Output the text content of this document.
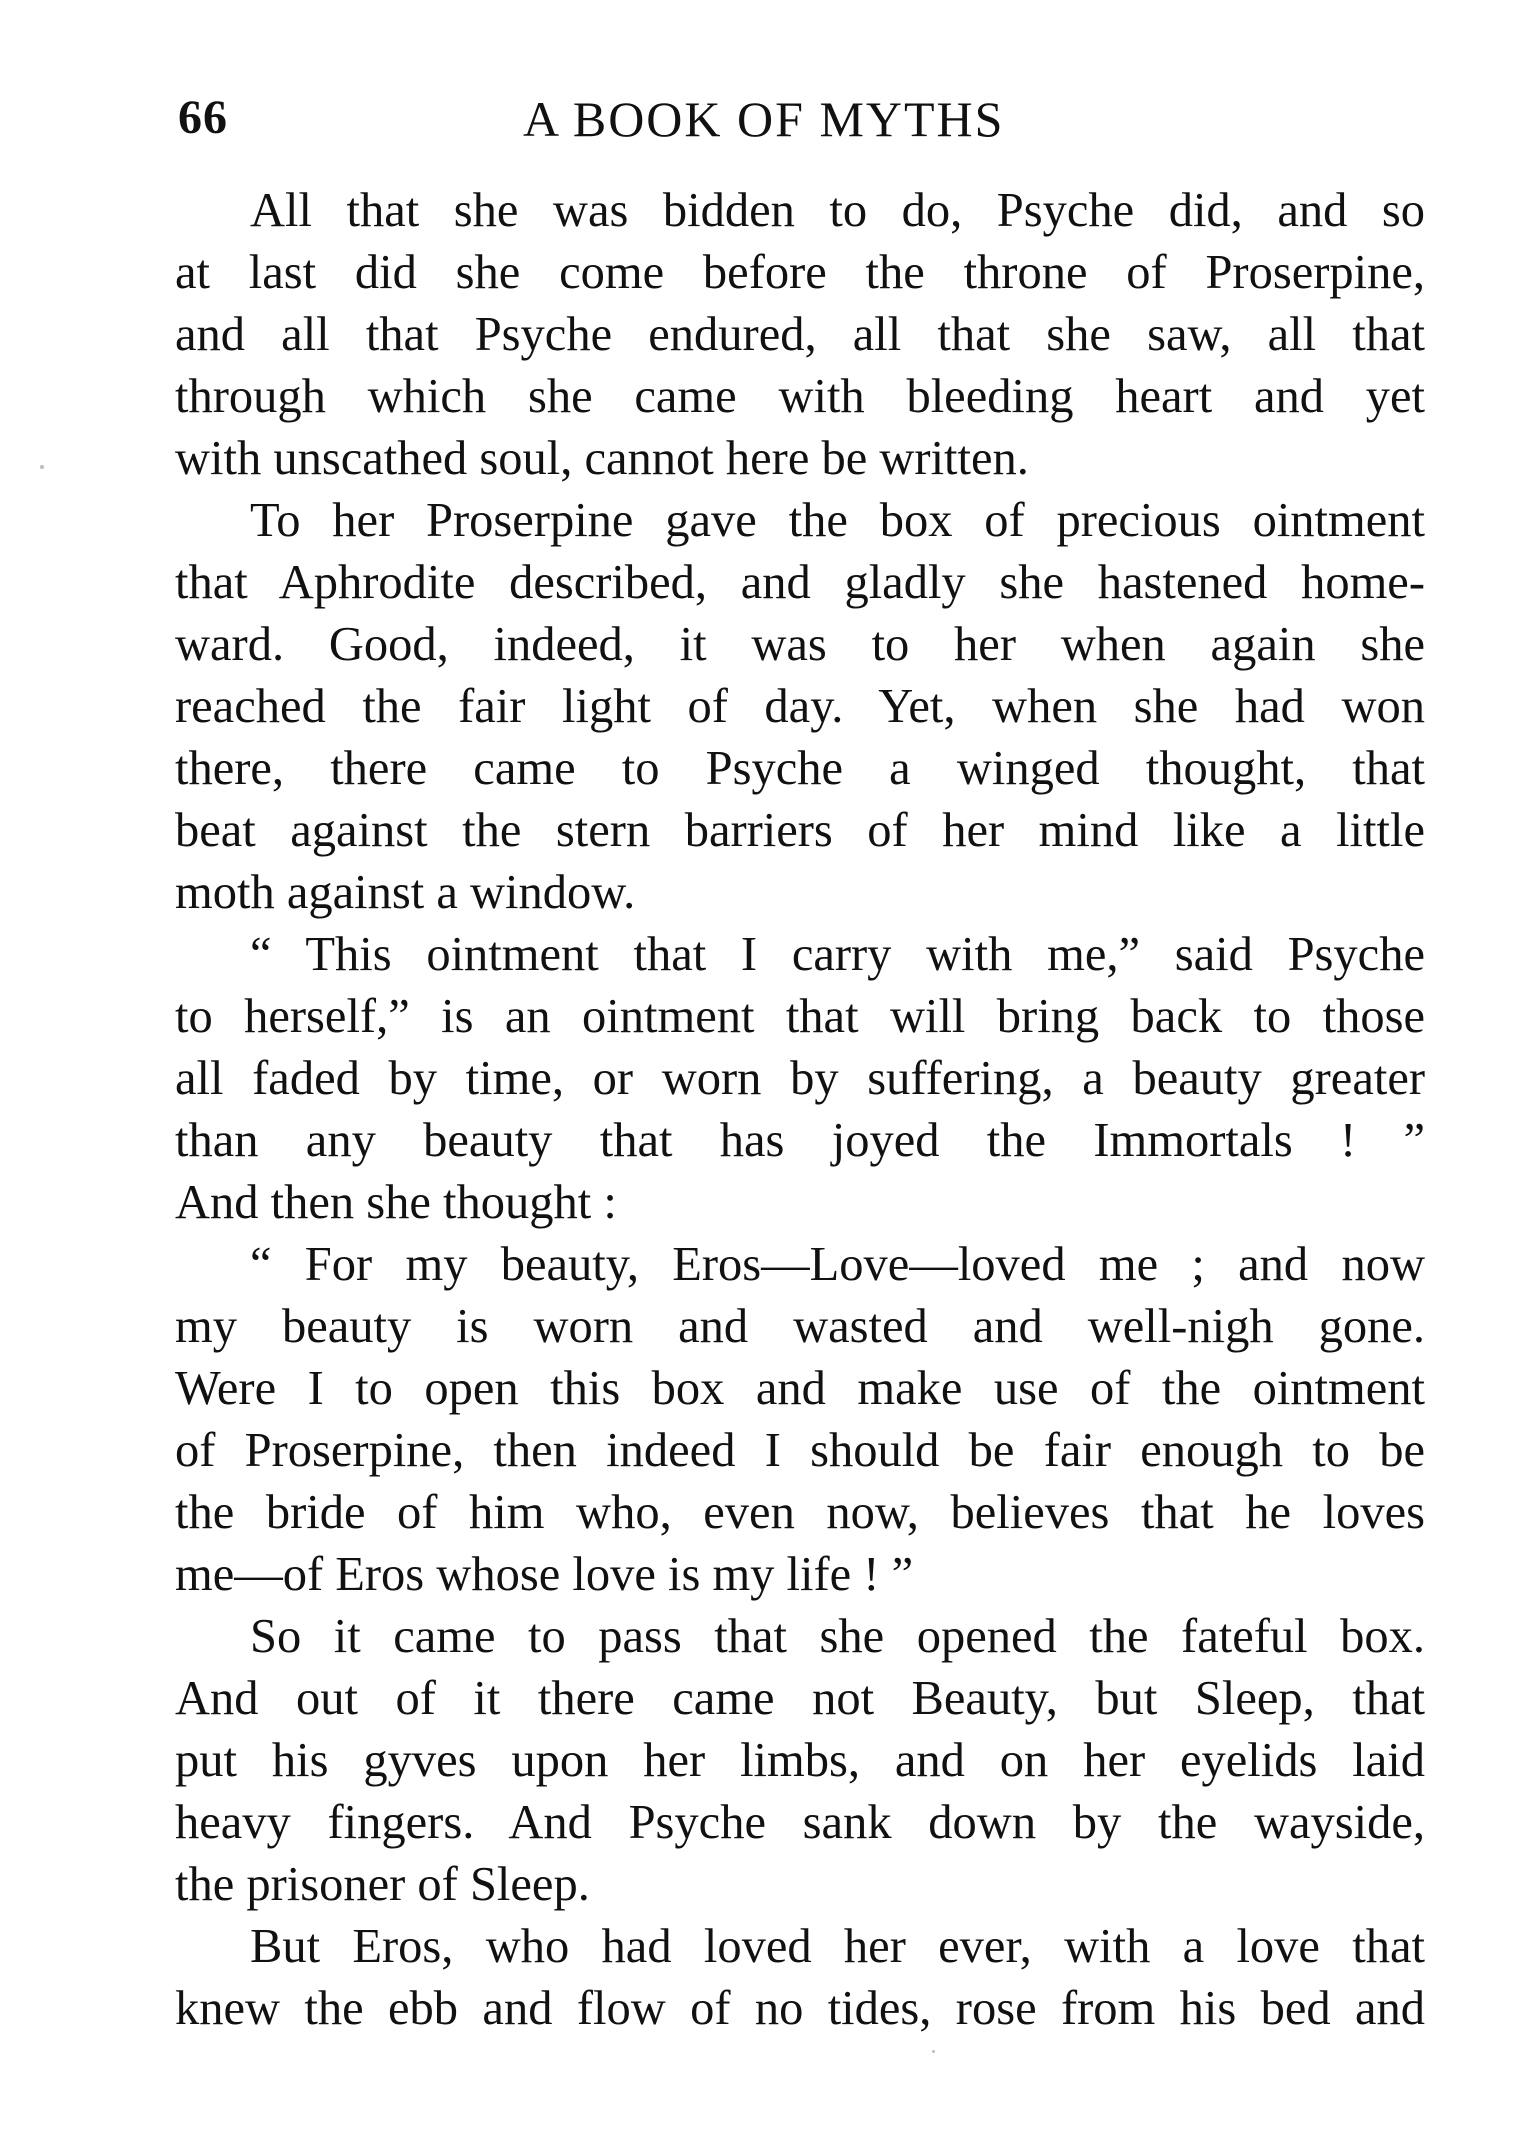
66	A BOOK OF MYTHS
All that she was bidden to do, Psyche did, and so
at last did she come before the throne of Proserpine,
and all that Psyche endured, all that she saw, all that
through which she came with bleeding heart and yet
with unscathed soul, cannot here be written.
To her Proserpine gave the box of precious ointment
that Aphrodite described, and gladly she hastened home-
ward. Good, indeed, it was to her when again she
reached the fair light of day. Yet, when she had won
there, there came to Psyche a winged thought, that
beat against the stern barriers of her mind like a little
moth against a window.
“ This ointment that I carry with me,” said Psyche
to herself,” is an ointment that will bring back to those
all faded by time, or worn by suffering, a beauty greater
than any beauty that has joyed the Immortals ! ”
And then she thought :
“ For my beauty, Eros—Love—loved me ; and now
my beauty is worn and wasted and well-nigh gone.
Were I to open this box and make use of the ointment
of Proserpine, then indeed I should be fair enough to be
the bride of him who, even now, believes that he loves
me—of Eros whose love is my life ! ”
So it came to pass that she opened the fateful box.
And out of it there came not Beauty, but Sleep, that
put his gyves upon her limbs, and on her eyelids laid
heavy fingers. And Psyche sank down by the wayside,
the prisoner of Sleep.
But Eros, who had loved her ever, with a love that
knew the ebb and flow of no tides, rose from his bed and
